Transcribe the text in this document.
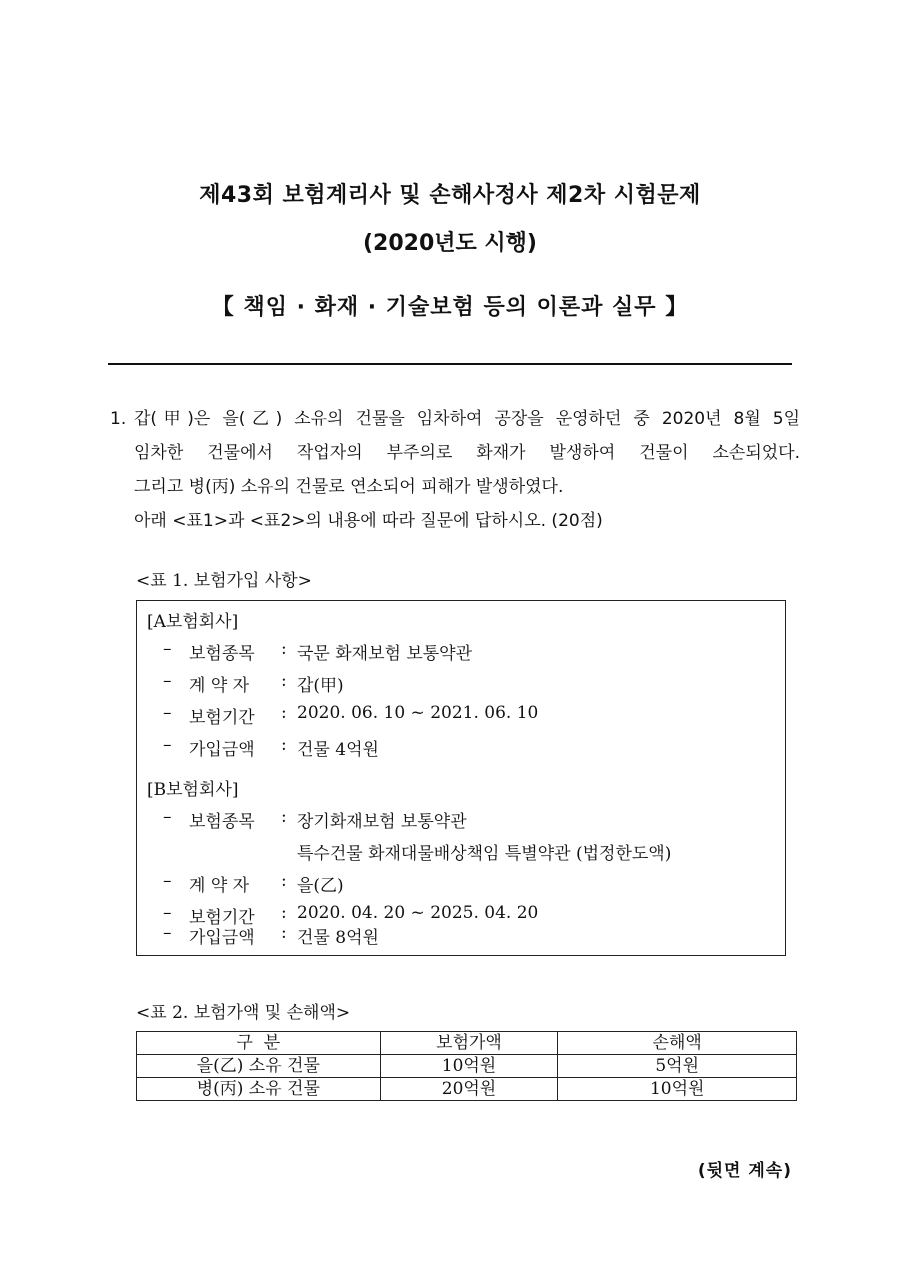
제43회 보험계리사 및 손해사정사 제2차 시험문제
(2020년도 시행)
【 책임 · 화재 · 기술보험 등의 이론과 실무 】
1. 갑(甲)은 을(乙) 소유의 건물을 임차하여 공장을 운영하던 중 2020년 8월 5일
임차한 건물에서 작업자의 부주의로 화재가 발생하여 건물이 소손되었다.
그리고 병(丙) 소유의 건물로 연소되어 피해가 발생하였다.
아래 <표1>과 <표2>의 내용에 따라 질문에 답하시오. (20점)
<표 1. 보험가입 사항>
[A보험회사]
– 보험종목 : 국문 화재보험 보통약관
– 계 약 자 : 갑(甲)
– 보험기간 : 2020. 06. 10 ~ 2021. 06. 10
– 가입금액 : 건물 4억원
[B보험회사]
– 보험종목 : 장기화재보험 보통약관
특수건물 화재대물배상책임 특별약관 (법정한도액)
– 계 약 자 : 을(乙)
– 보험기간 : 2020. 04. 20 ~ 2025. 04. 20
– 가입금액 : 건물 8억원
<표 2. 보험가액 및 손해액>
구  분	보험가액	손해액
을(乙) 소유 건물	10억원	5억원
병(丙) 소유 건물	20억원	10억원
(뒷면 계속)
